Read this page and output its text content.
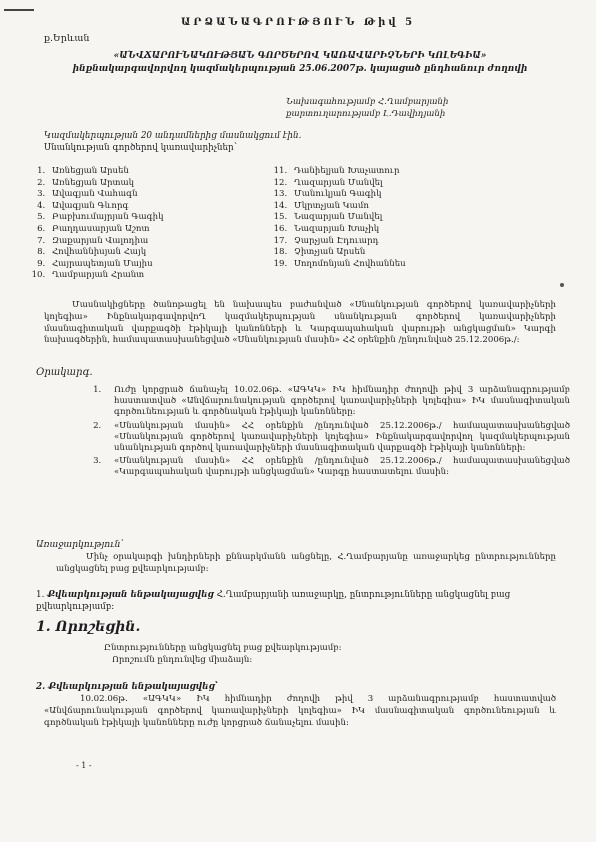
ԱՐՁԱՆԱԳՐՈՒԹՅՈՒՆ Թիվ 5
ք.Երևան
«ԱՆՎՃԱՐՈՒՆԱԿՈՒԹՅԱՆ ԳՈՐԾԵՐՈՎ ԿԱՌԱՎԱՐԻՉՆԵՐԻ ԿՈԼԵԳԻԱ»
ինքնակարգավորվող կազմակերպության 25.06.2007թ. կայացած ընդհանուր ժողովի
Նախագահությամբ Հ.Ղամբարյանի
քարտուղարությամբ Լ.Դավիդյանի
Կազմակերպության 20 անդամներից մասնակցում էին.
Սնանկության գործերով կառավարիչներ՝
1. Առնեցյան Արսեն
2. Առնեցյան Արտակ
3. Ավագյան Վահագն
4. Ավագյան Գևորգ
5. Բաբխումայրյան Գագիկ
6. Բաղդասարյան Աշոտ
7. Զաքարյան Վալոդիա
8. Հովհաննիսյան Հայկ
9. Հայրապետյան Մայիս
10. Ղամբարյան Հրանտ
11. Դանիելյան Խաչատուր
12. Ղազարյան Մանվել
13. Մանուկյան Գագիկ
14. Մկրտչյան Կամո
15. Նազարյան Մանվել
16. Նազարյան Խաչիկ
17. Չարչյան Էդուարդ
18. Չիտչյան Արսեն
19. Սողոմոնյան Հովհաննես
Մասնակիցները ծանոթացել են նախապես բաժանված «Սնանկության գործերով կառավարիչների կոլեգիա» ԻնքնակարգավորվոՂ կազմակերպության սնանկության գործերով կառավարիչների մասնագիտական վարքագծի էթիկայի կանոնների և Կարգապահական վարույթի անցկացման» Կարգի նախագծերին, համապատասխանեցված «Սնանկության մասին» ՀՀ օրենքին /ընդունված 25.12.2006թ./:
Օրակարգ.
1. Ուժը կորցրած ճանաչել 10.02.06թ. «ԱԳԿԿ» ԻԿ հիմնադիր ժողովի թիվ 3 արձանագրությամբ հաստատված «Անվճարունակության գործերով կառավարիչների կոլեգիա» ԻԿ մասնագիտական գործունեության և գործնական էթիկայի կանոնները:
2. «Սնանկության մասին» ՀՀ օրենքին /ընդունված 25.12.2006թ./ համապատասխանեցված «Սնանկության գործերով կառավարիչների կոլեգիա» Ինքնակարգավորվող կազմակերպության սնանկության գործով կառավարիչների մասնագիտական վարքագծի էթիկայի կանոնների:
3. «Սնանկության մասին» ՀՀ օրենքին /ընդունված 25.12.2006թ./ համապատասխանեցված «Կարգապահական վարույթի անցկացման» Կարգը հաստատելու մասին:
Առաջարկություն՝
Մինչ օրակարգի խնդիրների քննարկմանն անցնելը, Հ.Ղամբարյանը առաջարկեց ընտրությունները անցկացնել բաց քվեարկությամբ:
1. Քվեարկության ենթակայացվեց Հ.Ղամբարյանի առաջարկը, ընտրությունները անցկացնել բաց քվեարկությամբ:
1. Որոշեցին.
Ընտրությունները անցկացնել բաց քվեարկությամբ:
Որոշումն ընդունվեց միաձայն:
2. Քվեարկության ենթակայացվեց՝
10.02.06թ. «ԱԳԿԿ» ԻԿ հիմնադիր ժողովի թիվ 3 արձանագրությամբ հաստատված «Անվճարունակության գործերով կառավարիչների կոլեգիա» ԻԿ մասնագիտական գործունեության և գործնական էթիկայի կանոնները ուժը կորցրած ճանաչելու մասին:
- 1 -
